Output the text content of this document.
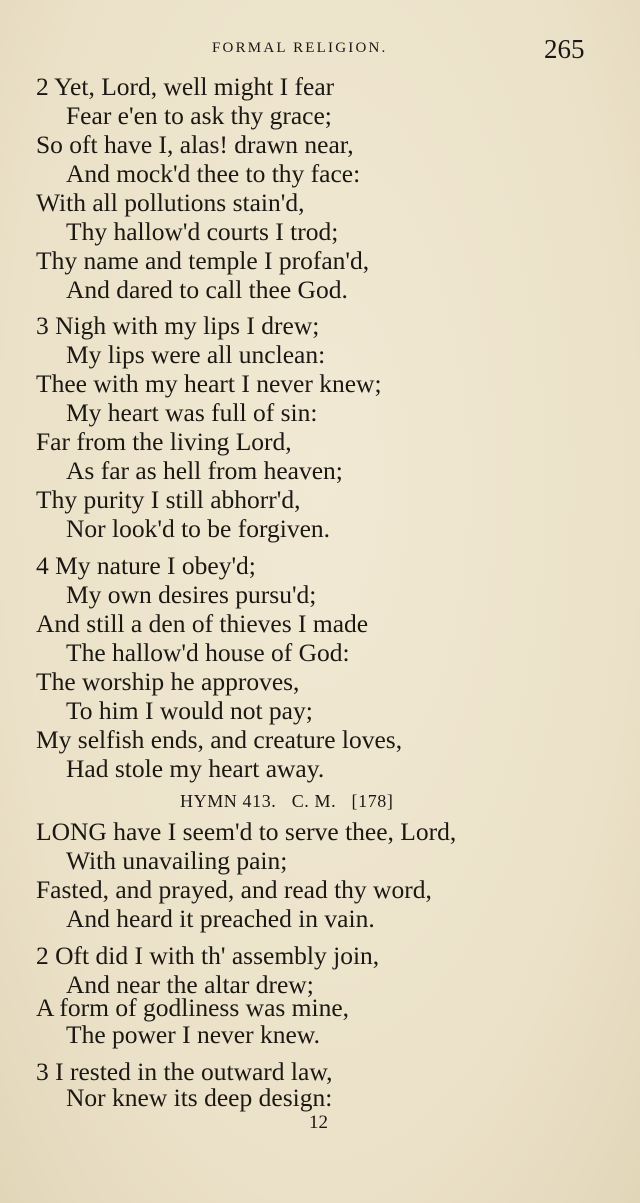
FORMAL RELIGION.	265
2 Yet, Lord, well might I fear
Fear e'en to ask thy grace;
So oft have I, alas! drawn near,
And mock'd thee to thy face:
With all pollutions stain'd,
Thy hallow'd courts I trod;
Thy name and temple I profan'd,
And dared to call thee God.
3 Nigh with my lips I drew;
My lips were all unclean:
Thee with my heart I never knew;
My heart was full of sin:
Far from the living Lord,
As far as hell from heaven;
Thy purity I still abhorr'd,
Nor look'd to be forgiven.
4 My nature I obey'd;
My own desires pursu'd;
And still a den of thieves I made
The hallow'd house of God:
The worship he approves,
To him I would not pay;
My selfish ends, and creature loves,
Had stole my heart away.
HYMN 413.   C. M.   [178]
LONG have I seem'd to serve thee, Lord,
With unavailing pain;
Fasted, and prayed, and read thy word,
And heard it preached in vain.
2 Oft did I with th' assembly join,
And near the altar drew;
A form of godliness was mine,
The power I never knew.
3 I rested in the outward law,
Nor knew its deep design:
12
